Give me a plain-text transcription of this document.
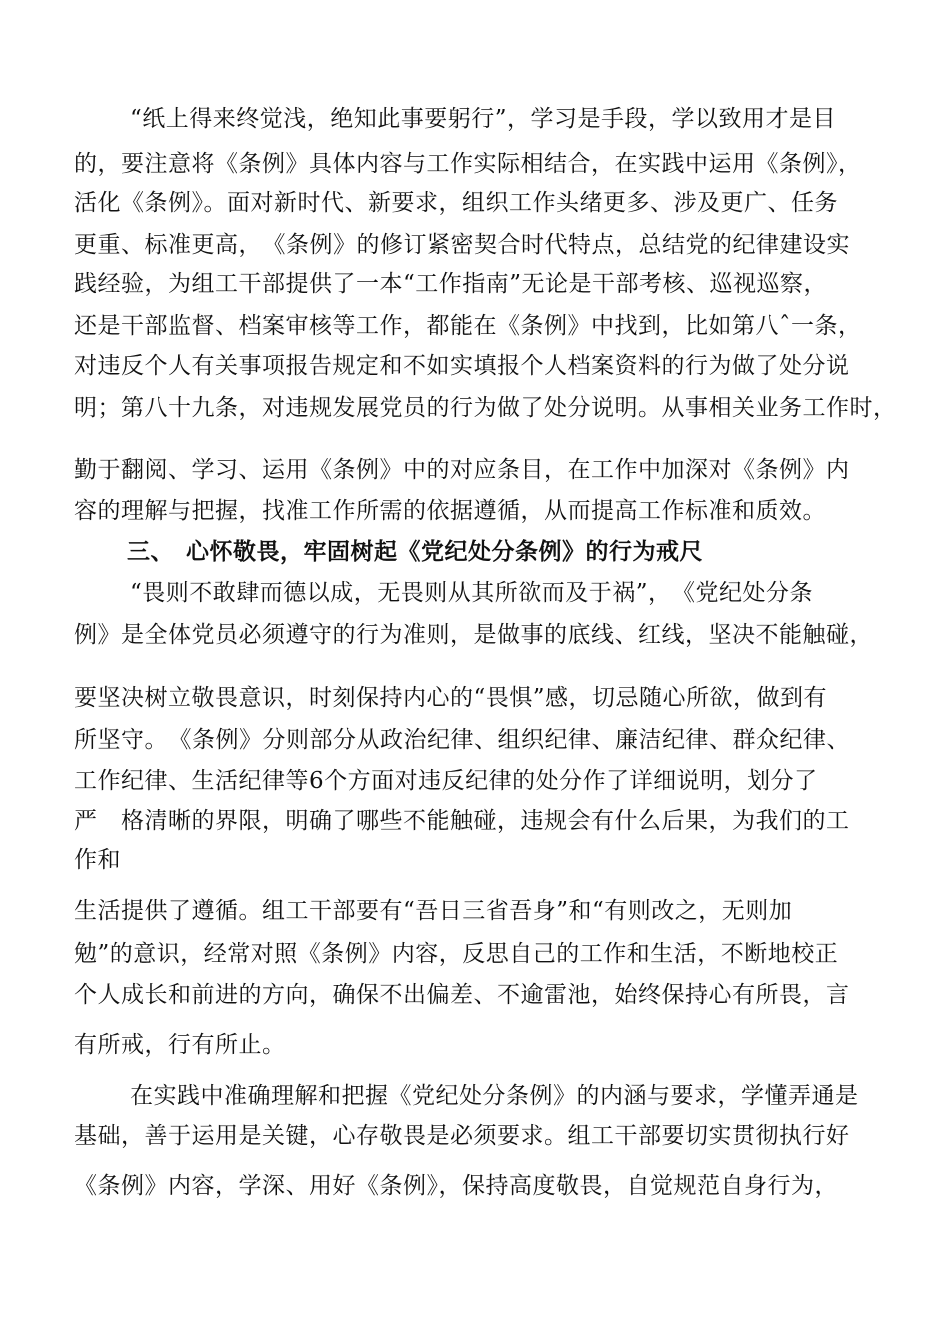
“纸上得来终觉浅，绝知此事要躬行”，学习是手段，学以致用才是目
的，要注意将《条例》具体内容与工作实际相结合，在实践中运用《条例》，
活化《条例》。面对新时代、新要求，组织工作头绪更多、涉及更广、任务
更重、标准更高，　《条例》的修订紧密契合时代特点，总结党的纪律建设实
践经验，为组工干部提供了一本“工作指南”无论是干部考核、巡视巡察，
还是干部监督、档案审核等工作，都能在《条例》中找到，比如第八ˆ一条，
对违反个人有关事项报告规定和不如实填报个人档案资料的行为做了处分说
明；第八十九条，对违规发展党员的行为做了处分说明。从事相关业务工作时，
勤于翻阅、学习、运用《条例》中的对应条目，在工作中加深对《条例》内
容的理解与把握，找准工作所需的依据遵循，从而提高工作标准和质效。
三、　心怀敬畏，牢固树起《党纪处分条例》的行为戒尺
“畏则不敢肆而德以成，无畏则从其所欲而及于祸”，　《党纪处分条
例》是全体党员必须遵守的行为准则，是做事的底线、红线，坚决不能触碰，
要坚决树立敬畏意识，时刻保持内心的“畏惧”感，切忌随心所欲，做到有
所坚守。　《条例》分则部分从政治纪律、组织纪律、廉洁纪律、群众纪律、
工作纪律、生活纪律等6个方面对违反纪律的处分作了详细说明，划分了
严　格清晰的界限，明确了哪些不能触碰，违规会有什么后果，为我们的工
作和
生活提供了遵循。组工干部要有“吾日三省吾身”和“有则改之，无则加
勉”的意识，经常对照《条例》内容，反思自己的工作和生活，不断地校正
个人成长和前进的方向，确保不出偏差、不逾雷池，始终保持心有所畏，言
有所戒，行有所止。
在实践中准确理解和把握《党纪处分条例》的内涵与要求，学懂弄通是
基础，善于运用是关键，心存敬畏是必须要求。组工干部要切实贯彻执行好
《条例》内容，学深、用好《条例》，保持高度敬畏，自觉规范自身行为，
